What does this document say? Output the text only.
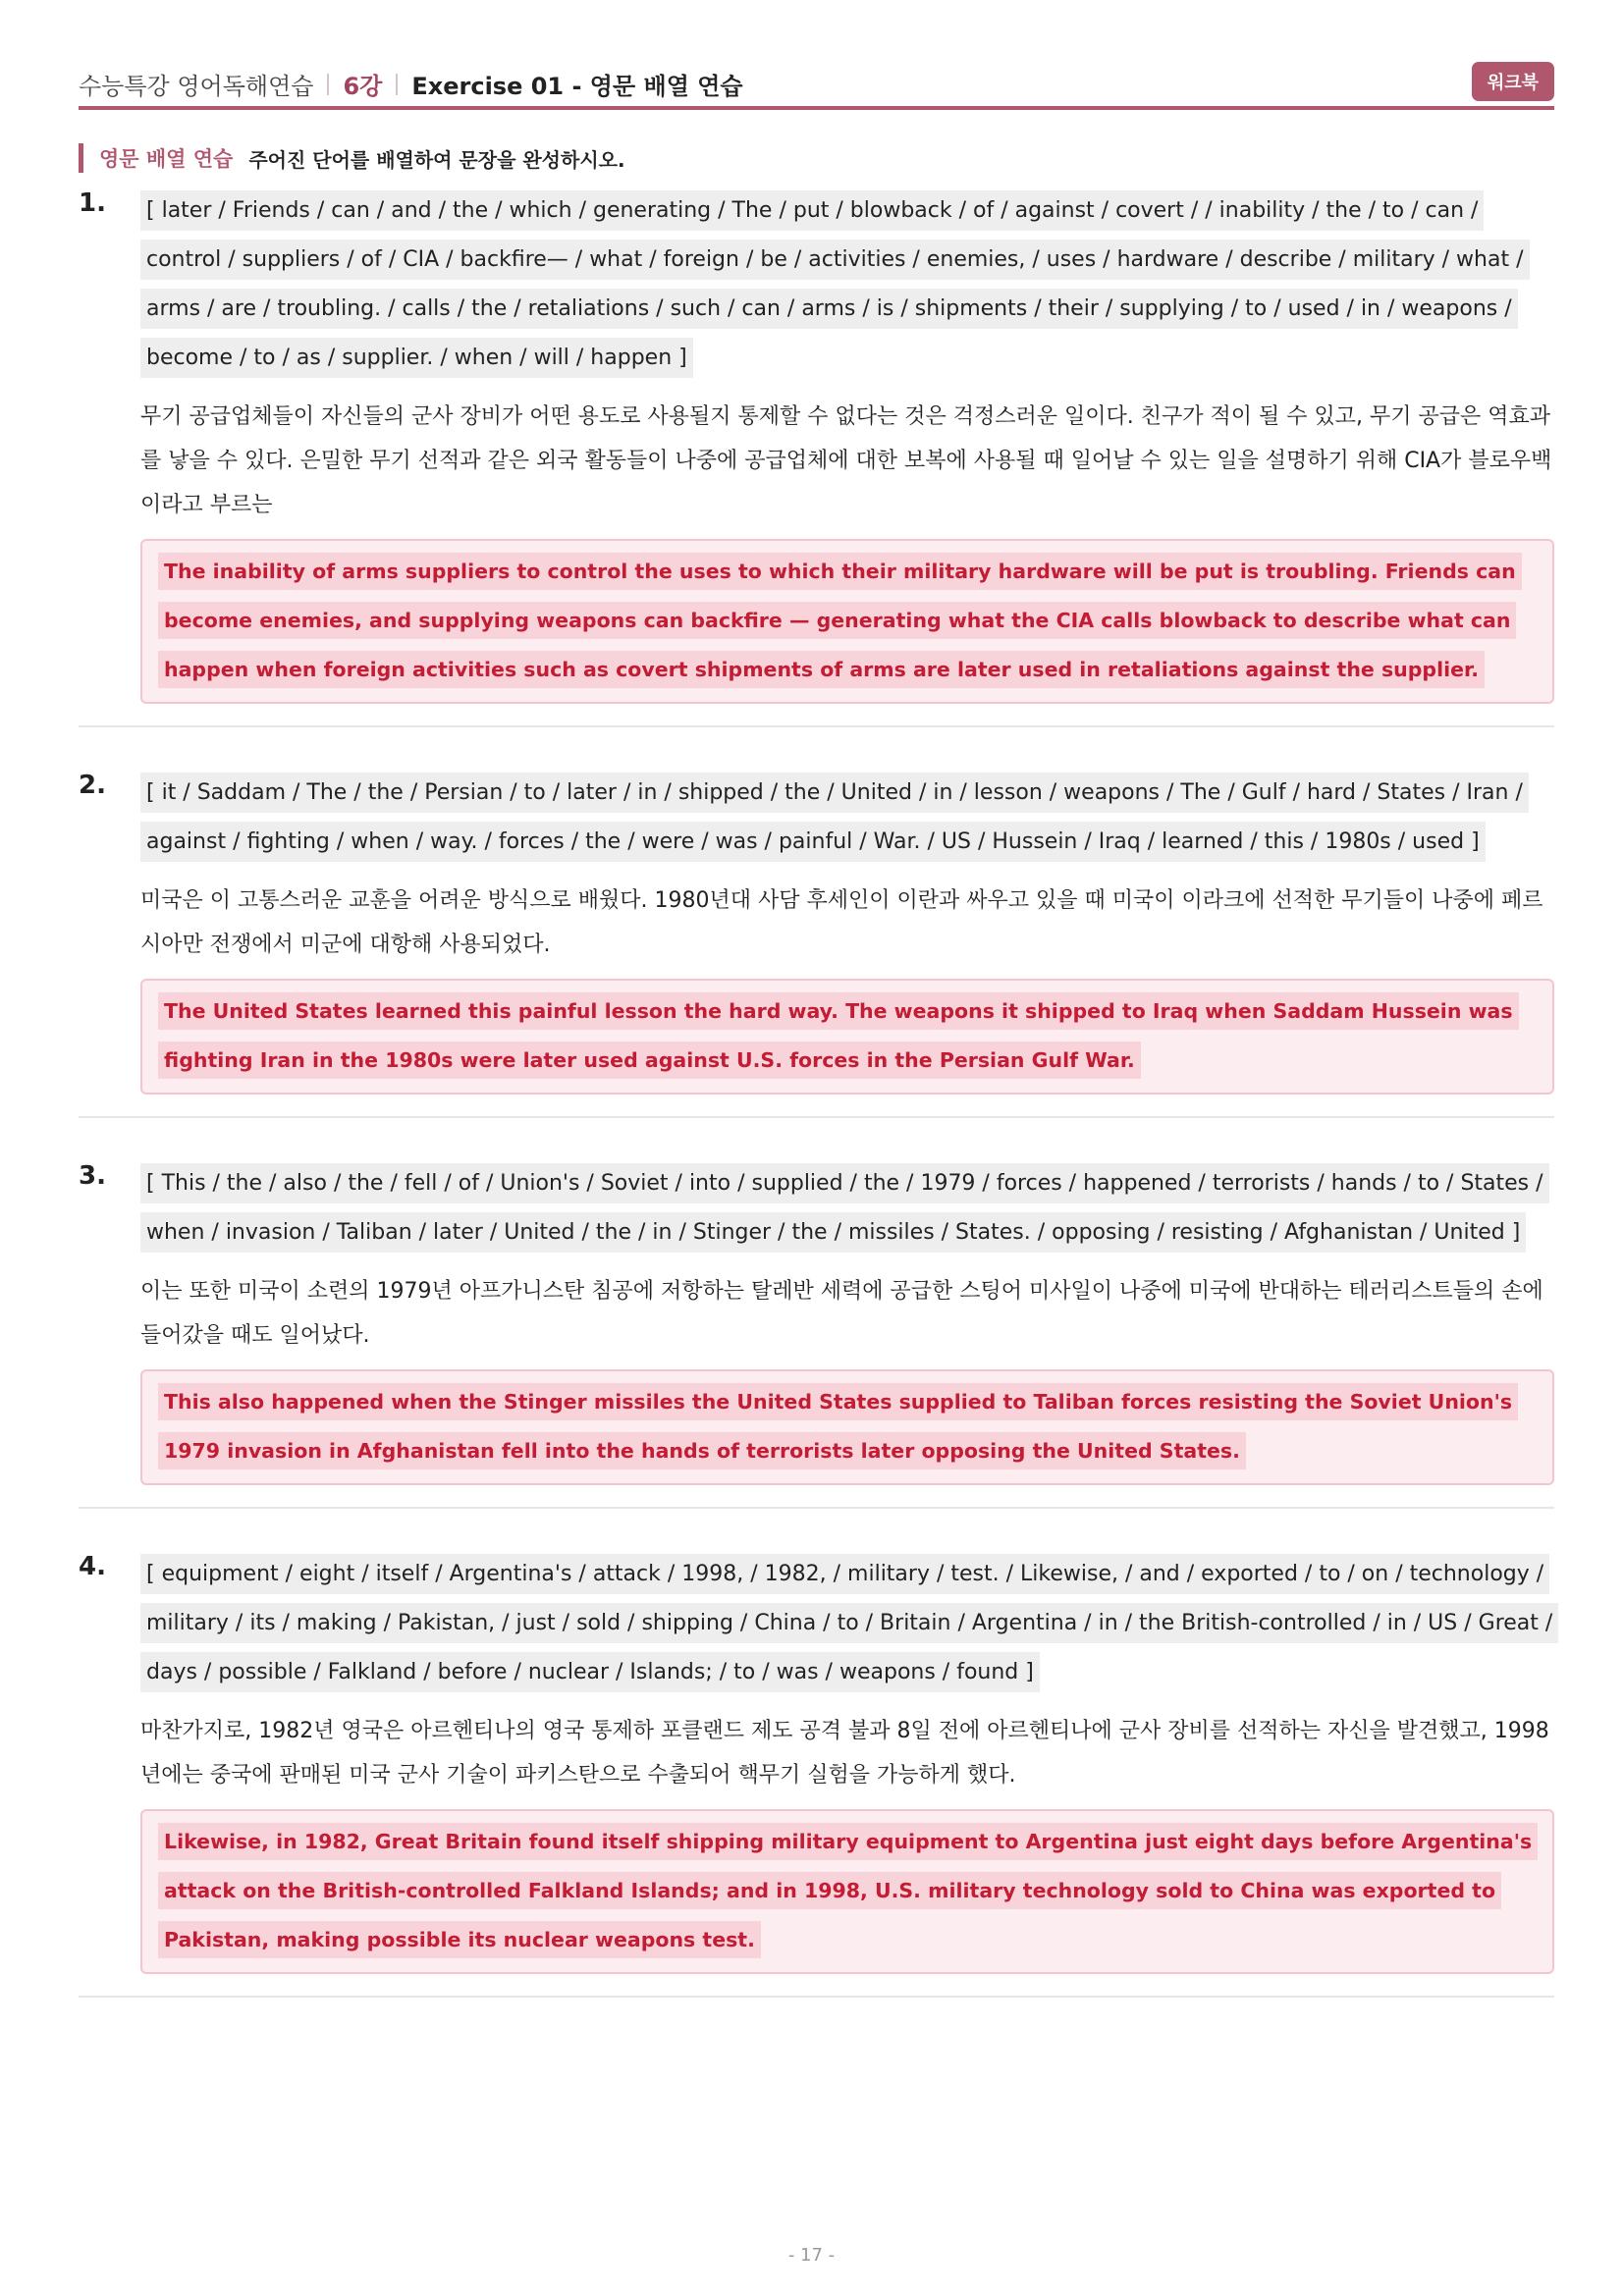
수능특강 영어독해연습 6강 Exercise 01 - 영문 배열 연습	워크북
영문 배열 연습 주어진 단어를 배열하여 문장을 완성하시오.
1. [ later / Friends / can / and / the / which / generating / The / put / blowback / of / against / covert / / inability / the / to / can / control / suppliers / of / CIA / backfire— / what / foreign / be / activities / enemies, / uses / hardware / describe / military / what / arms / are / troubling. / calls / the / retaliations / such / can / arms / is / shipments / their / supplying / to / used / in / weapons / become / to / as / supplier. / when / will / happen ]
무기 공급업체들이 자신들의 군사 장비가 어떤 용도로 사용될지 통제할 수 없다는 것은 걱정스러운 일이다. 친구가 적이 될 수 있고, 무기 공급은 역효과를 낳을 수 있다. 은밀한 무기 선적과 같은 외국 활동들이 나중에 공급업체에 대한 보복에 사용될 때 일어날 수 있는 일을 설명하기 위해 CIA가 블로우백이라고 부르는
The inability of arms suppliers to control the uses to which their military hardware will be put is troubling. Friends can become enemies, and supplying weapons can backfire — generating what the CIA calls blowback to describe what can happen when foreign activities such as covert shipments of arms are later used in retaliations against the supplier.
2. [ it / Saddam / The / the / Persian / to / later / in / shipped / the / United / in / lesson / weapons / The / Gulf / hard / States / Iran / against / fighting / when / way. / forces / the / were / was / painful / War. / US / Hussein / Iraq / learned / this / 1980s / used ]
미국은 이 고통스러운 교훈을 어려운 방식으로 배웠다. 1980년대 사담 후세인이 이란과 싸우고 있을 때 미국이 이라크에 선적한 무기들이 나중에 페르시아만 전쟁에서 미군에 대항해 사용되었다.
The United States learned this painful lesson the hard way. The weapons it shipped to Iraq when Saddam Hussein was fighting Iran in the 1980s were later used against U.S. forces in the Persian Gulf War.
3. [ This / the / also / the / fell / of / Union's / Soviet / into / supplied / the / 1979 / forces / happened / terrorists / hands / to / States / when / invasion / Taliban / later / United / the / in / Stinger / the / missiles / States. / opposing / resisting / Afghanistan / United ]
이는 또한 미국이 소련의 1979년 아프가니스탄 침공에 저항하는 탈레반 세력에 공급한 스팅어 미사일이 나중에 미국에 반대하는 테러리스트들의 손에 들어갔을 때도 일어났다.
This also happened when the Stinger missiles the United States supplied to Taliban forces resisting the Soviet Union's 1979 invasion in Afghanistan fell into the hands of terrorists later opposing the United States.
4. [ equipment / eight / itself / Argentina's / attack / 1998, / 1982, / military / test. / Likewise, / and / exported / to / on / technology / military / its / making / Pakistan, / just / sold / shipping / China / to / Britain / Argentina / in / the British-controlled / in / US / Great / days / possible / Falkland / before / nuclear / Islands; / to / was / weapons / found ]
마찬가지로, 1982년 영국은 아르헨티나의 영국 통제하 포클랜드 제도 공격 불과 8일 전에 아르헨티나에 군사 장비를 선적하는 자신을 발견했고, 1998년에는 중국에 판매된 미국 군사 기술이 파키스탄으로 수출되어 핵무기 실험을 가능하게 했다.
Likewise, in 1982, Great Britain found itself shipping military equipment to Argentina just eight days before Argentina's attack on the British-controlled Falkland Islands; and in 1998, U.S. military technology sold to China was exported to Pakistan, making possible its nuclear weapons test.
- 17 -
